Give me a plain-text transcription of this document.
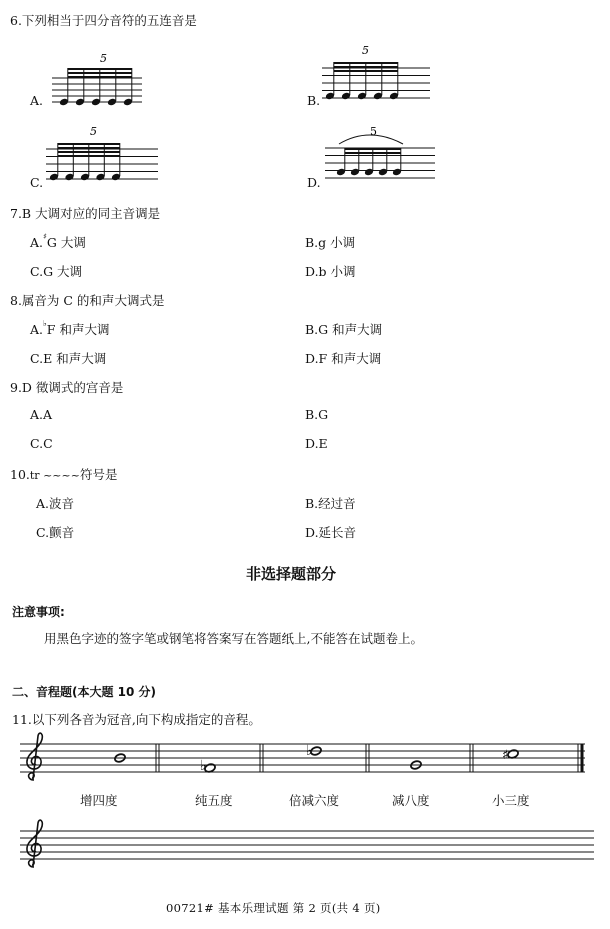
6.下列相当于四分音符的五连音是
A.
5
B.
5
C.
5
D.
5
7.B 大调对应的同主音调是
A.♯G 大调	B.g 小调
C.G 大调	D.b 小调
8.属音为 C 的和声大调式是
A.♭F 和声大调	B.G 和声大调
C.E 和声大调	D.F 和声大调
9.D 徵调式的宫音是
A.A	B.G
C.C	D.E
10.tr ~~~~符号是
A.波音	B.经过音
C.颤音	D.延长音
非选择题部分
注意事项:
用黑色字迹的签字笔或钢笔将答案写在答题纸上,不能答在试题卷上。
二、音程题(本大题 10 分)
11.以下列各音为冠音,向下构成指定的音程。
♭
♭	♯
增四度	纯五度	倍减六度	减八度	小三度
00721# 基本乐理试题 第 2 页(共 4 页)
